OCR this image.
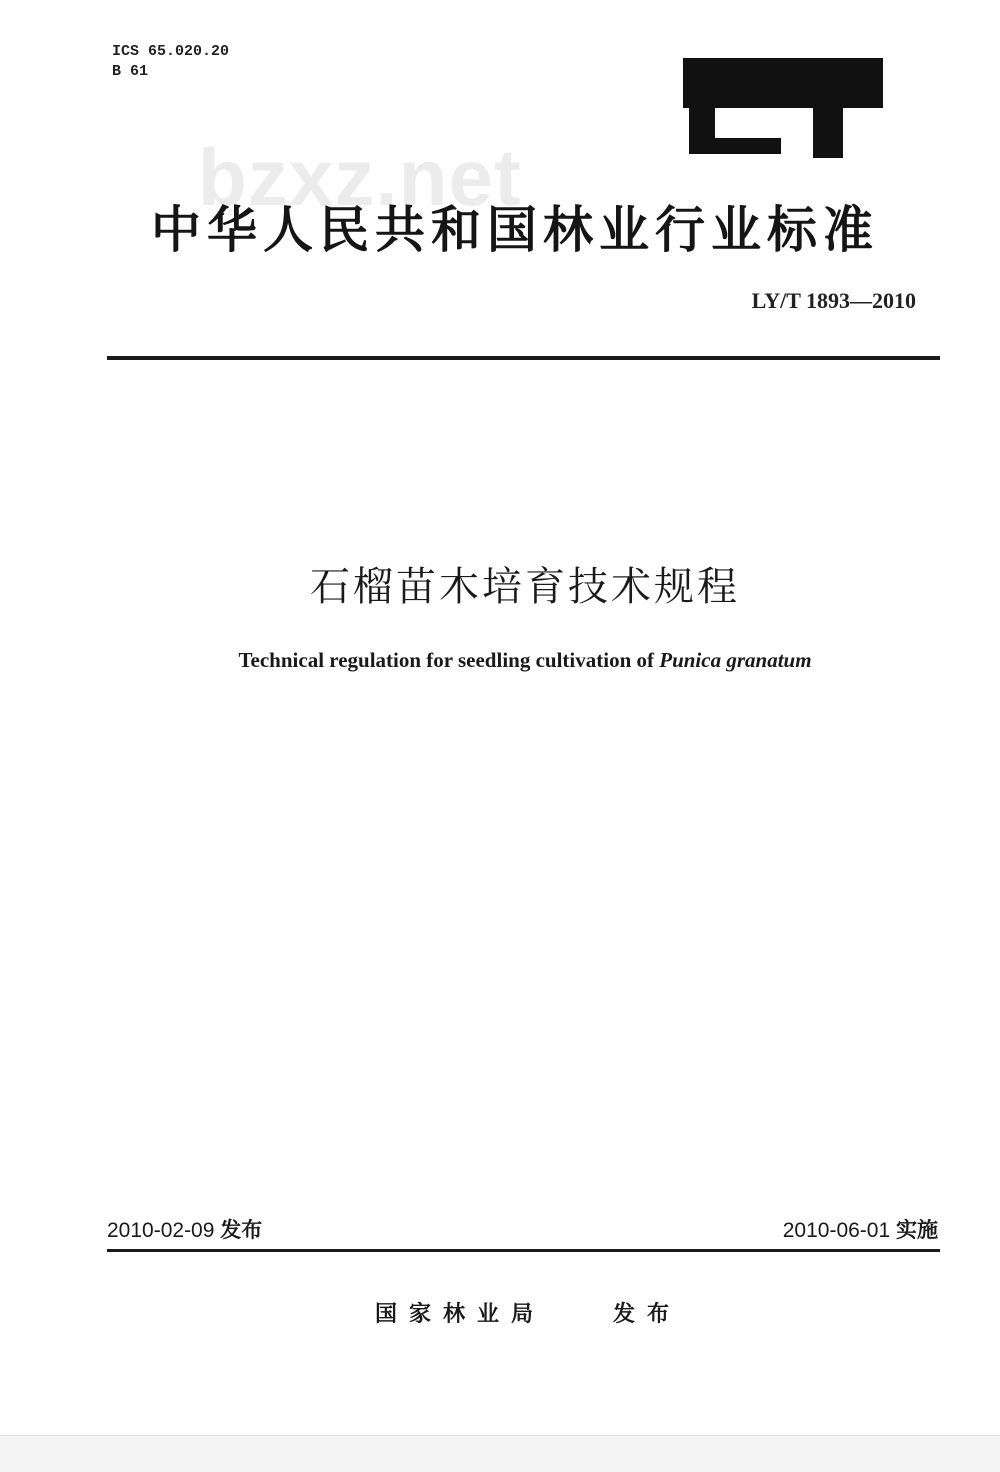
ICS 65.020.20
B 61
bzxz.net
中华人民共和国林业行业标准
LY/T 1893—2010
石榴苗木培育技术规程
Technical regulation for seedling cultivation of Punica granatum
2010-02-09 发布	2010-06-01 实施
国家林业局	发布
